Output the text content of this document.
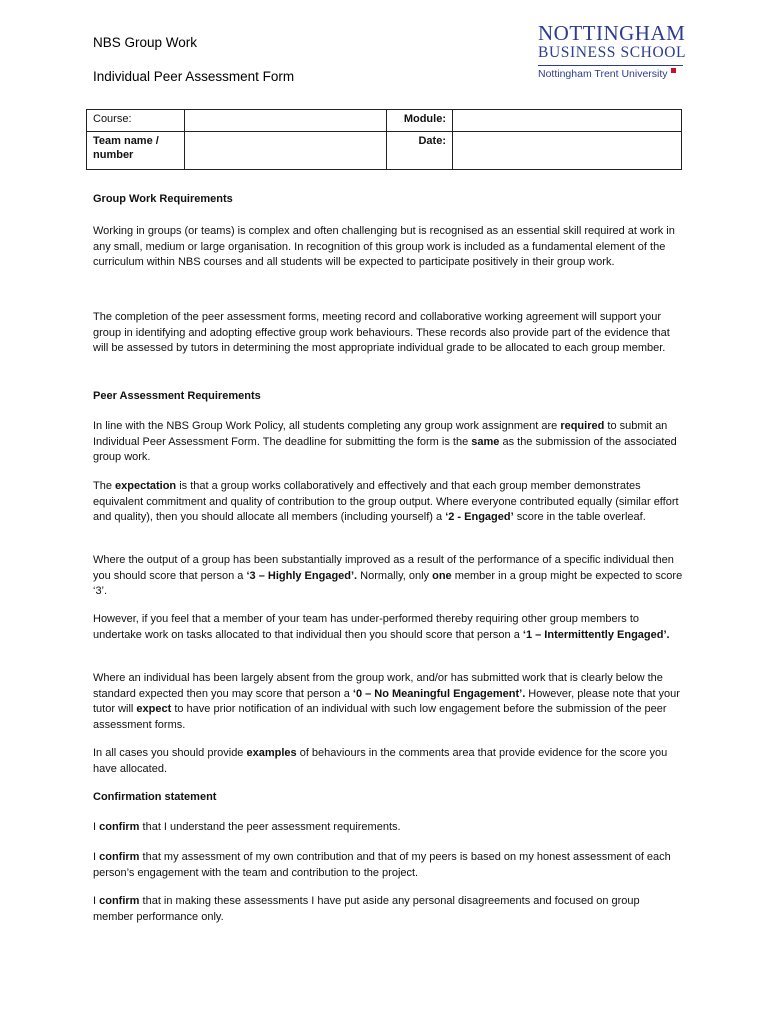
NBS Group Work
Individual Peer Assessment Form
NOTTINGHAM
BUSINESS SCHOOL
Nottingham Trent University
Course:		Module:	
Team name / number		Date:	

Group Work Requirements

Working in groups (or teams) is complex and often challenging but is recognised as an essential skill required at work in any small, medium or large organisation. In recognition of this group work is included as a fundamental element of the curriculum within NBS courses and all students will be expected to participate positively in their group work.

The completion of the peer assessment forms, meeting record and collaborative working agreement will support your group in identifying and adopting effective group work behaviours. These records also provide part of the evidence that will be assessed by tutors in determining the most appropriate individual grade to be allocated to each group member.

Peer Assessment Requirements

In line with the NBS Group Work Policy, all students completing any group work assignment are required to submit an Individual Peer Assessment Form. The deadline for submitting the form is the same as the submission of the associated group work.

The expectation is that a group works collaboratively and effectively and that each group member demonstrates equivalent commitment and quality of contribution to the group output. Where everyone contributed equally (similar effort and quality), then you should allocate all members (including yourself) a ‘2 - Engaged’ score in the table overleaf.

Where the output of a group has been substantially improved as a result of the performance of a specific individual then you should score that person a ‘3 – Highly Engaged’. Normally, only one member in a group might be expected to score ‘3’.

However, if you feel that a member of your team has under-performed thereby requiring other group members to undertake work on tasks allocated to that individual then you should score that person a ‘1 – Intermittently Engaged’.

Where an individual has been largely absent from the group work, and/or has submitted work that is clearly below the standard expected then you may score that person a ‘0 – No Meaningful Engagement’. However, please note that your tutor will expect to have prior notification of an individual with such low engagement before the submission of the peer assessment forms.

In all cases you should provide examples of behaviours in the comments area that provide evidence for the score you have allocated.

Confirmation statement

I confirm that I understand the peer assessment requirements.

I confirm that my assessment of my own contribution and that of my peers is based on my honest assessment of each person’s engagement with the team and contribution to the project.

I confirm that in making these assessments I have put aside any personal disagreements and focused on group member performance only.
